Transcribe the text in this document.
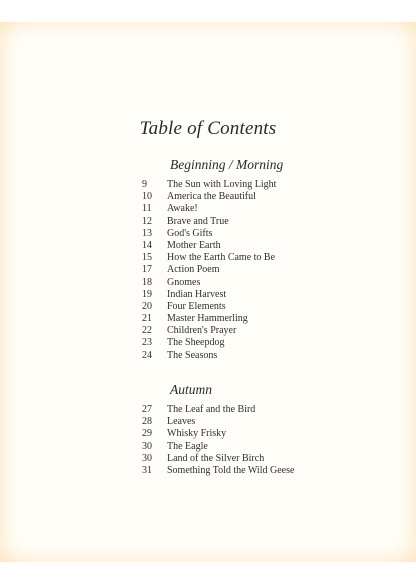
Table of Contents
Beginning / Morning
9	The Sun with Loving Light
10	America the Beautiful
11	Awake!
12	Brave and True
13	God's Gifts
14	Mother Earth
15	How the Earth Came to Be
17	Action Poem
18	Gnomes
19	Indian Harvest
20	Four Elements
21	Master Hammerling
22	Children's Prayer
23	The Sheepdog
24	The Seasons
Autumn
27	The Leaf and the Bird
28	Leaves
29	Whisky Frisky
30	The Eagle
30	Land of the Silver Birch
31	Something Told the Wild Geese
